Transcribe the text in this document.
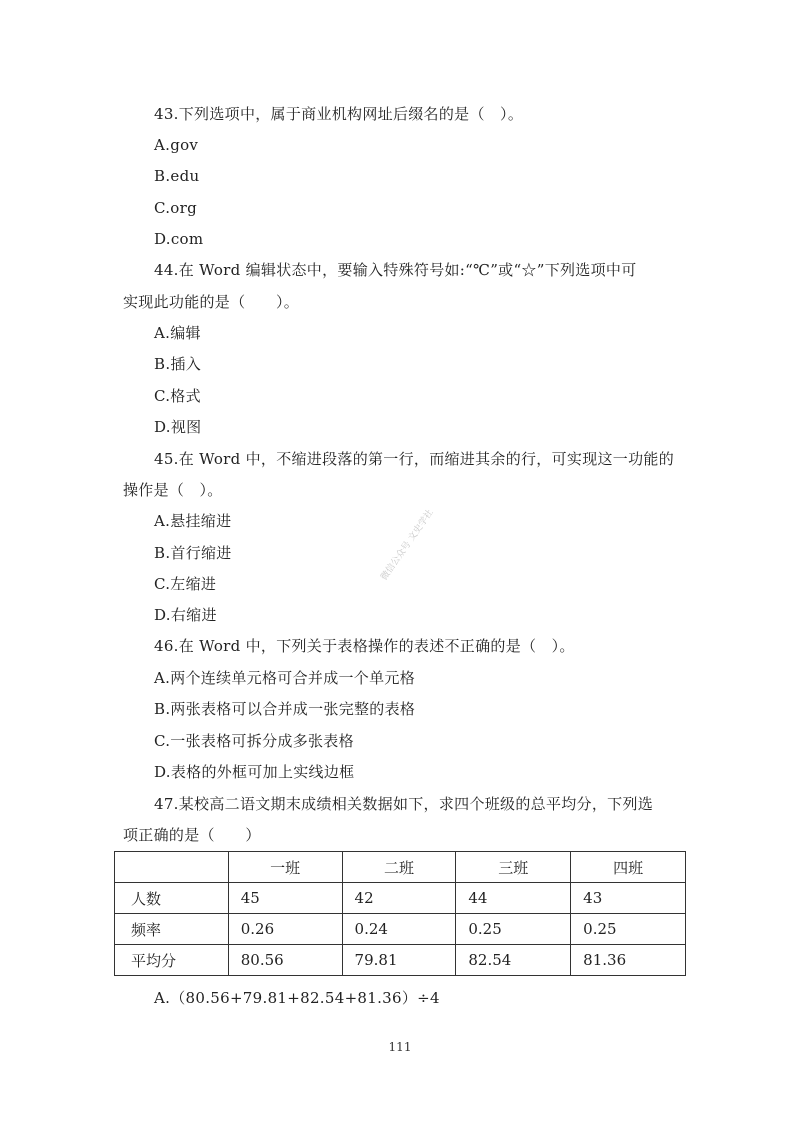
43.下列选项中，属于商业机构网址后缀名的是（　）。
A.gov
B.edu
C.org
D.com
44.在 Word 编辑状态中，要输入特殊符号如:“℃”或“☆”下列选项中可
实现此功能的是（　　）。
A.编辑
B.插入
C.格式
D.视图
45.在 Word 中，不缩进段落的第一行，而缩进其余的行，可实现这一功能的
操作是（　）。
A.悬挂缩进
B.首行缩进
C.左缩进
D.右缩进
46.在 Word 中，下列关于表格操作的表述不正确的是（　）。
A.两个连续单元格可合并成一个单元格
B.两张表格可以合并成一张完整的表格
C.一张表格可拆分成多张表格
D.表格的外框可加上实线边框
47.某校高二语文期末成绩相关数据如下，求四个班级的总平均分，下列选
项正确的是（　　）
	一班	二班	三班	四班
人数	45	42	44	43
频率	0.26	0.24	0.25	0.25
平均分	80.56	79.81	82.54	81.36
A.（80.56+79.81+82.54+81.36）÷4
微信公众号 文史学社
111
